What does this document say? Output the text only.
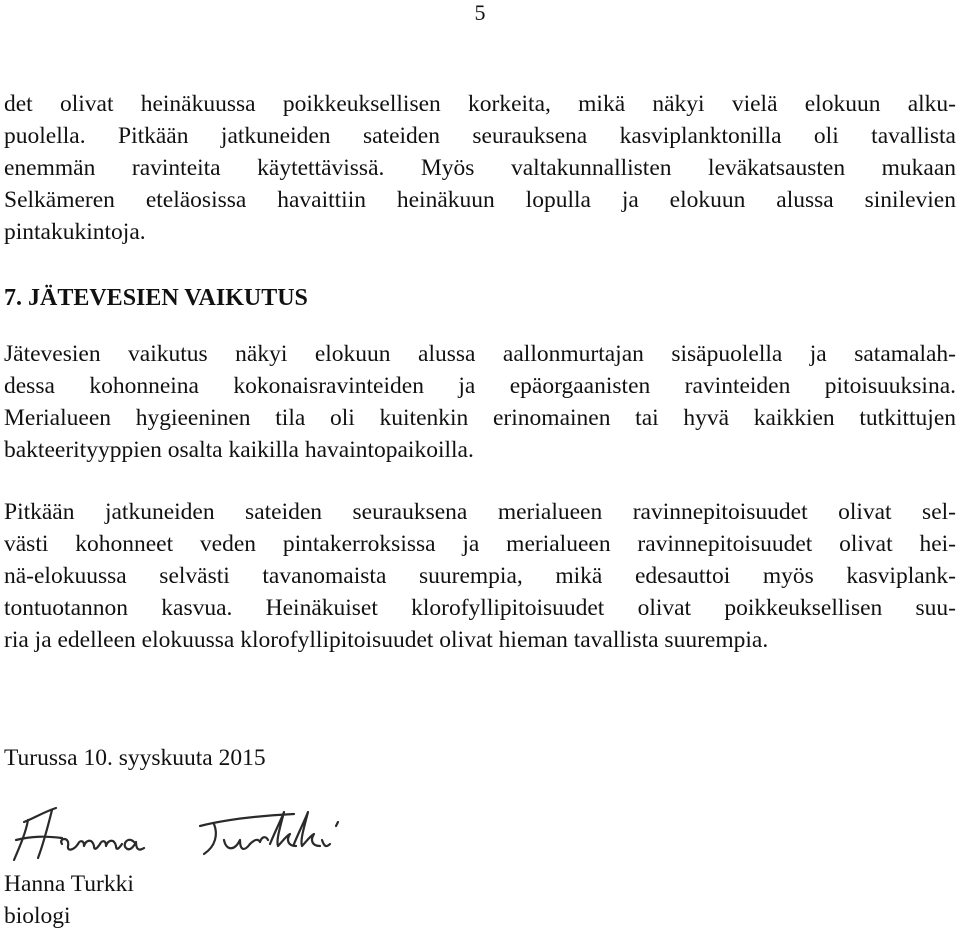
5
det olivat heinäkuussa poikkeuksellisen korkeita, mikä näkyi vielä elokuun alku-
puolella. Pitkään jatkuneiden sateiden seurauksena kasviplanktonilla oli tavallista
enemmän ravinteita käytettävissä. Myös valtakunnallisten leväkatsausten mukaan
Selkämeren eteläosissa havaittiin heinäkuun lopulla ja elokuun alussa sinilevien
pintakukintoja.
7. JÄTEVESIEN VAIKUTUS
Jätevesien vaikutus näkyi elokuun alussa aallonmurtajan sisäpuolella ja satamalah-
dessa kohonneina kokonaisravinteiden ja epäorgaanisten ravinteiden pitoisuuksina.
Merialueen hygieeninen tila oli kuitenkin erinomainen tai hyvä kaikkien tutkittujen
bakteerityyppien osalta kaikilla havaintopaikoilla.
Pitkään jatkuneiden sateiden seurauksena merialueen ravinnepitoisuudet olivat sel-
västi kohonneet veden pintakerroksissa ja merialueen ravinnepitoisuudet olivat hei-
nä-elokuussa selvästi tavanomaista suurempia, mikä edesauttoi myös kasviplank-
tontuotannon kasvua. Heinäkuiset klorofyllipitoisuudet olivat poikkeuksellisen suu-
ria ja edelleen elokuussa klorofyllipitoisuudet olivat hieman tavallista suurempia.
Turussa 10. syyskuuta 2015
Hanna Turkki
biologi
